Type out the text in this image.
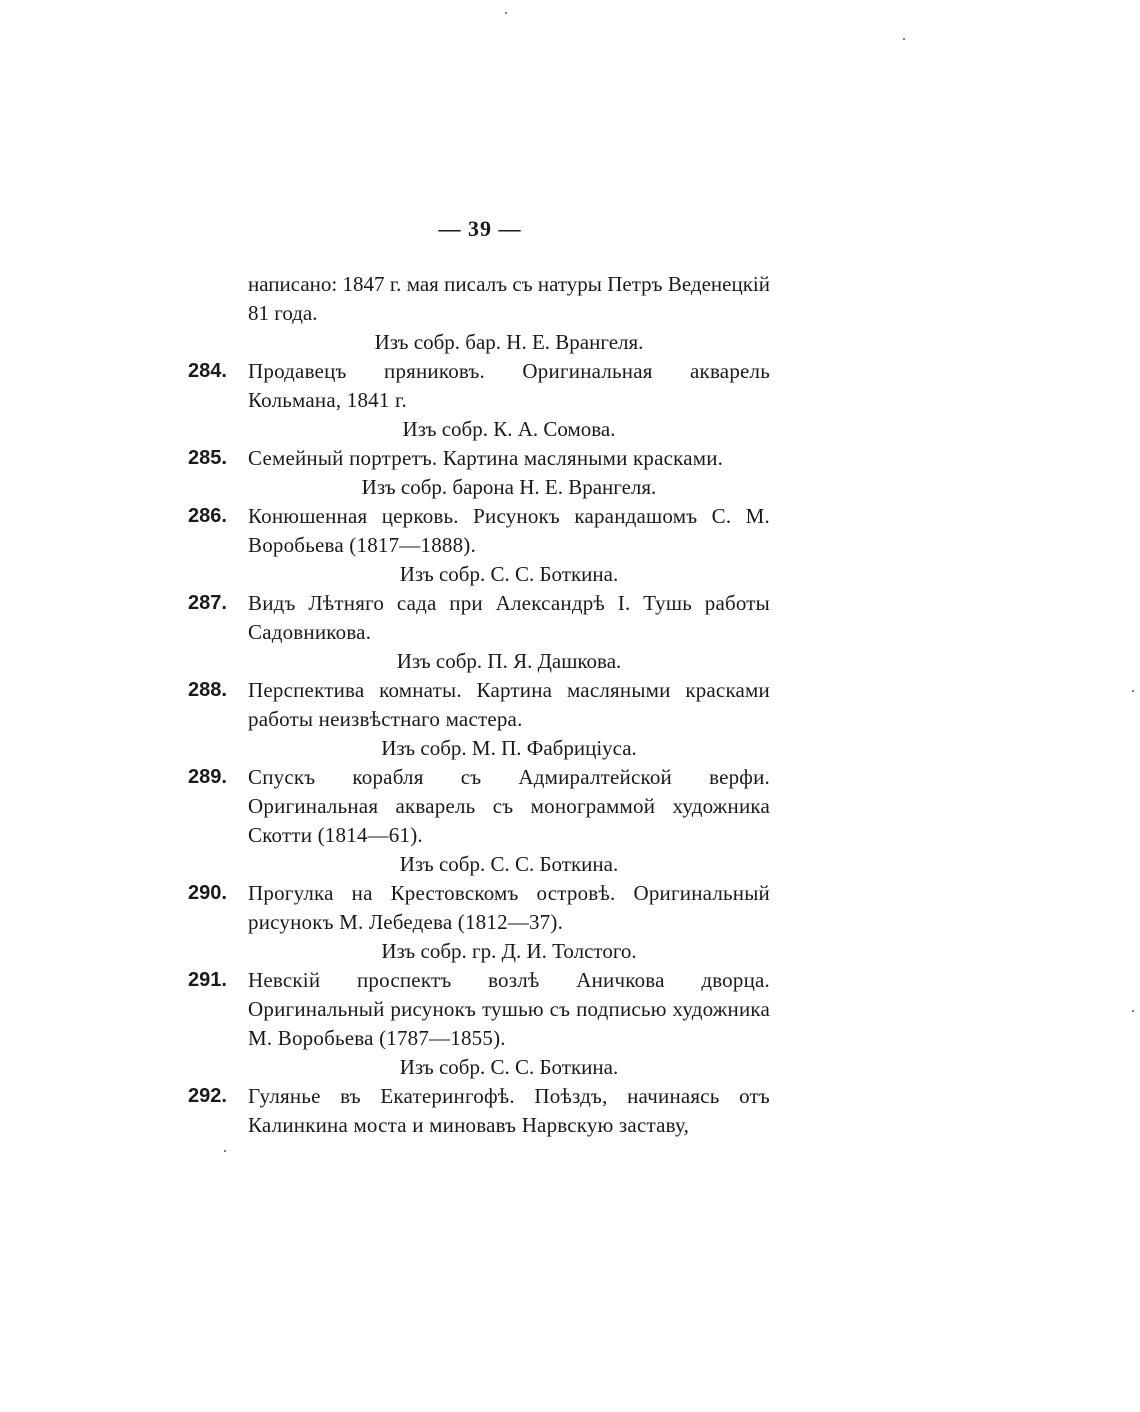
— 39 —

написано: 1847 г. мая писалъ съ натуры Петръ Веденецкій 81 года.

Изъ собр. бар. Н. Е. Врангеля.

284.	Продавецъ пряниковъ. Оригинальная акварель Кольмана, 1841 г.

Изъ собр. К. А. Сомова.

285.	Семейный портретъ. Картина масляными красками.

Изъ собр. барона Н. Е. Врангеля.

286.	Конюшенная церковь. Рисунокъ карандашомъ С. М. Воробьева (1817—1888).

Изъ собр. С. С. Боткина.

287.	Видъ Лѣтняго сада при Александрѣ I. Тушь работы Садовникова.

Изъ собр. П. Я. Дашкова.

288.	Перспектива комнаты. Картина масляными красками работы неизвѣстнаго мастера.

Изъ собр. М. П. Фабриціуса.

289.	Спускъ корабля съ Адмиралтейской верфи. Оригинальная акварель съ монограммой художника Скотти (1814—61).

Изъ собр. С. С. Боткина.

290.	Прогулка на Крестовскомъ островѣ. Оригинальный рисунокъ М. Лебедева (1812—37).

Изъ собр. гр. Д. И. Толстого.

291.	Невскій проспектъ возлѣ Аничкова дворца. Оригинальный рисунокъ тушью съ подписью художника М. Воробьева (1787—1855).

Изъ собр. С. С. Боткина.

292.	Гулянье въ Екатерингофѣ. Поѣздъ, начинаясь отъ Калинкина моста и миновавъ Нарвскую заставу,
